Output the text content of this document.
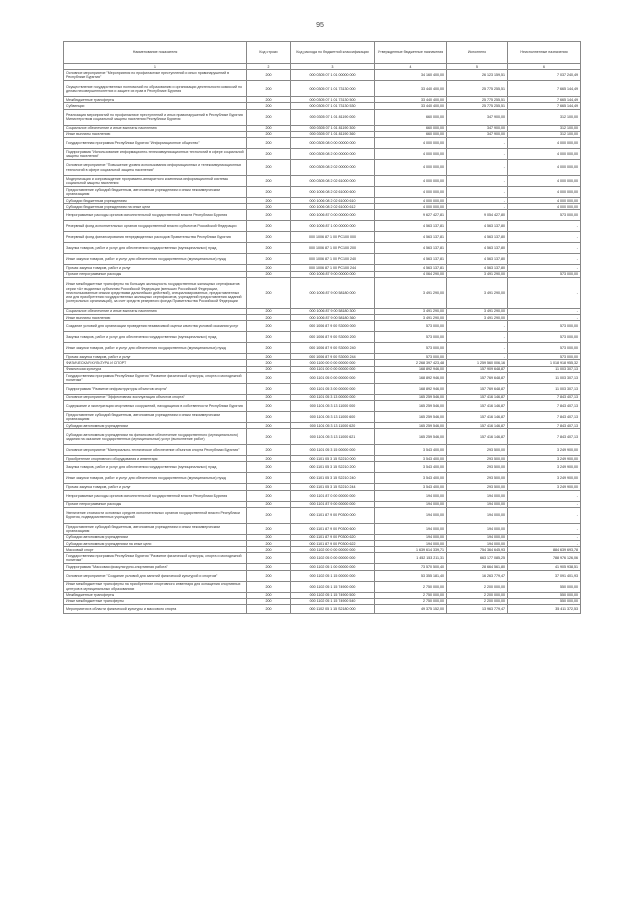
95
Наименование показателя	Код строки	Код расхода по бюджетной классификации	Утвержденные бюджетные назначения	Исполнено	Неисполненные назначения
1	2	3	4	5	6
Основное мероприятие "Мероприятия по профилактике преступлений и иных правонарушений в Республике Бурятия"	200	000 0305 07 1 01 00000 000	34 160 400,00	26 123 159,51	7 037 240,49
Осуществление государственных полномочий по образованию и организации деятельности комиссий по делам несовершеннолетних и защите их прав в Республике Бурятия	200	000 0305 07 1 01 73130 000	33 440 400,00	25 775 255,51	7 665 144,49
Межбюджетные трансферты	200	000 0305 07 1 01 73130 500	33 440 400,00	25 775 255,51	7 665 144,49
Субвенции	200	000 0305 07 1 01 73130 530	33 440 400,00	25 775 255,51	7 665 144,49
Реализация мероприятий по профилактике преступлений и иных правонарушений в Республике Бурятия Министерством социальной защиты населения Республики Бурятия	200	000 0305 07 1 01 81190 000	660 000,00	347 900,00	312 100,00
Социальное обеспечение и иные выплаты населению	200	000 0305 07 1 01 81190 300	660 000,00	347 900,00	312 100,00
Иные выплаты населению	200	000 0305 07 1 01 81190 360	660 000,00	347 900,00	312 100,00
Государственная программа Республики Бурятия "Информационное общество"	200	000 0305 08 0 00 00000 000	4 000 000,00	-	4 000 000,00
Подпрограмма "Использование информационно-телекоммуникационных технологий в сфере социальной защиты населения"	200	000 0305 08 2 00 00000 000	4 000 000,00	-	4 000 000,00
Основное мероприятие "Повышение уровня использования информационных и телекоммуникационных технологий в сфере социальной защиты населения"	200	000 0305 08 2 02 00000 000	4 000 000,00	-	4 000 000,00
Модернизация и сопровождение программно-аппаратного комплекса информационной системы социальной защиты населения	200	000 0305 08 2 02 61000 000	4 000 000,00	-	4 000 000,00
Предоставление субсидий бюджетным, автономным учреждениям и иным некоммерческим организациям	200	000 1006 08 2 02 61000 600	4 000 000,00	-	4 000 000,00
Субсидии бюджетным учреждениям	200	000 1006 08 2 02 61000 610	4 000 000,00	-	4 000 000,00
Субсидии бюджетным учреждениям на иные цели	200	000 1006 08 2 02 61000 612	4 000 000,00	-	4 000 000,00
Непрограммные расходы органов исполнительной государственной власти Республики Бурятия	200	000 1006 87 0 00 00000 000	9 627 427,81	9 054 427,80	573 000,00
Резервный фонд исполнительных органов государственной власти субъектов Российской Федерации	200	000 1006 87 1 00 00000 000	4 563 137,81	4 563 137,80	-
Резервный фонд финансирования непредвиденных расходов Правительства Республики Бурятия	200	000 1006 87 1 00 PC100 000	4 563 137,81	4 563 137,80	-
Закупка товаров, работ и услуг для обеспечения государственных (муниципальных) нужд	200	000 1006 87 1 00 PC100 200	4 563 137,81	4 563 137,80	-
Иные закупки товаров, работ и услуг для обеспечения государственных (муниципальных) нужд	200	000 1006 87 1 00 PC100 240	4 563 137,81	4 563 137,80	-
Прочая закупка товаров, работ и услуг	200	000 1006 87 1 00 PC100 244	4 563 137,81	4 563 137,80	-
Прочие непрограммные расходы	200	000 1006 87 9 00 00000 000	4 064 290,00	3 491 290,00	573 000,00
Иные межбюджетные трансферты на большую жилищность государственных жилищных сертификатов серии «А» выданных субъектам Российской Федерации (меньших Российской Федерации, неиспользованные иными средствами дальнейших действий), специализированных, предоставленных или для приобретения государственных жилищных сертификатов, учреждений предоставления заданий (контрольных организаций), за счет средств резервного фонда Правительства Российской Федерации	200	000 1006 87 9 00 58180 000	3 491 290,00	3 491 290,00	-
Социальное обеспечение и иные выплаты населению	200	000 1006 87 9 00 58180 300	3 491 290,00	3 491 290,00	-
Иные выплаты населению	200	000 1006 87 9 00 58180 360	3 491 290,00	3 491 290,00	-
Создание условий для организации проведения независимой оценки качества условий оказания услуг	200	000 1006 87 9 00 S3000 000	573 000,00	-	573 000,00
Закупка товаров, работ и услуг для обеспечения государственных (муниципальных) нужд	200	000 1006 87 9 00 S3000 200	573 000,00	-	573 000,00
Иные закупки товаров, работ и услуг для обеспечения государственных (муниципальных) нужд	200	000 1006 87 9 00 S3000 240	573 000,00	-	573 000,00
Прочая закупка товаров, работ и услуг	200	000 1006 87 9 00 S3000 244	573 000,00	-	573 000,00
ФИЗИЧЕСКАЯ КУЛЬТУРА И СПОРТ	200	000 1100 00 0 00 00000 000	2 268 397 423,48	1 259 560 006,16	1 018 918 955,32
Физическая культура	200	000 1101 00 0 00 00000 000	168 892 946,00	157 909 648,87	11 003 307,13
Государственная программа Республики Бурятия "Развитие физической культуры, спорта и молодежной политики"	200	000 1101 05 0 00 00000 000	168 892 946,00	157 769 648,87	11 003 307,13
Подпрограмма "Развитие инфраструктуры объектов спорта"	200	000 1101 05 3 00 00000 000	168 892 946,00	157 769 648,87	11 003 307,13
Основное мероприятие "Эффективная эксплуатация объектов спорта"	200	000 1101 05 3 13 00000 000	165 259 546,00	157 416 146,87	7 843 407,13
Содержание и эксплуатация спортивных сооружений, находящихся в собственности Республики Бурятия	200	000 1101 05 3 13 11000 000	165 259 546,00	157 416 146,87	7 843 407,13
Предоставление субсидий бюджетным, автономным учреждениям и иным некоммерческим организациям	200	000 1101 05 3 13 11000 600	165 259 546,00	157 416 146,87	7 843 407,13
Субсидии автономным учреждениям	200	000 1101 05 3 13 11000 620	165 259 546,00	157 416 146,87	7 843 407,13
Субсидии автономным учреждениям на финансовое обеспечение государственного (муниципального) задания на оказание государственных (муниципальных) услуг (выполнение работ)	200	000 1101 05 3 13 11000 621	165 259 546,00	157 416 146,87	7 843 407,13
Основное мероприятие "Материально-техническое обеспечение объектов спорта Республики Бурятия"	200	000 1101 05 3 15 00000 000	3 543 400,00	293 500,00	3 249 900,00
Приобретение спортивного оборудования и инвентаря	200	000 1101 05 3 15 S2210 000	3 543 400,00	293 500,00	3 249 900,00
Закупка товаров, работ и услуг для обеспечения государственных (муниципальных) нужд	200	000 1101 05 3 15 S2210 200	3 543 400,00	293 500,00	3 249 900,00
Иные закупки товаров, работ и услуг для обеспечения государственных (муниципальных) нужд	200	000 1101 05 3 15 S2210 240	3 543 400,00	293 500,00	3 249 900,00
Прочая закупка товаров, работ и услуг	200	000 1101 05 3 15 S2210 244	3 543 400,00	293 500,00	3 249 900,00
Непрограммные расходы органов исполнительной государственной власти Республики Бурятия	200	000 1101 87 0 00 00000 000	194 000,00	194 000,00	-
Прочие непрограммные расходы	200	000 1101 87 9 00 00000 000	194 000,00	194 000,00	-
Увеличение стоимости основных средств исполнительных органов государственной власти Республики Бурятия, подведомственных учреждений	200	000 1101 87 9 00 P0300 000	194 000,00	194 000,00	-
Предоставление субсидий бюджетным, автономным учреждениям и иным некоммерческим организациям	200	000 1101 87 9 00 P0300 600	194 000,00	194 000,00	-
Субсидии автономным учреждениям	200	000 1101 87 9 00 P0300 620	194 000,00	194 000,00	-
Субсидии автономным учреждениям на иные цели	200	000 1101 87 9 00 P0300 622	194 000,00	194 000,00	-
Массовый спорт	200	000 1102 00 0 00 00000 000	1 639 614 339,71	754 364 645,93	884 639 693,78
Государственная программа Республики Бурятия "Развитие физической культуры, спорта и молодежной политики"	200	000 1102 05 0 00 00000 000	1 452 153 211,31	663 177 085,25	788 976 126,06
Подпрограмма "Массовая физкультурно-спортивная работа"	200	000 1102 05 1 00 00000 000	73 570 500,40	28 664 561,80	41 905 938,51
Основное мероприятие "Создание условий для занятий физической культурой и спортом"	200	000 1102 05 1 15 00000 000	53 355 181,40	16 263 779,47	37 091 401,93
Иные межбюджетные трансферты на приобретение спортивного инвентаря для оснащения спортивных центров в муниципальных образованиях	200	000 1102 05 1 15 74900 000	2 750 000,00	2 200 000,00	550 000,00
Межбюджетные трансферты	200	000 1102 05 1 15 74900 500	2 750 000,00	2 200 000,00	550 000,00
Иные межбюджетные трансферты	200	000 1102 05 1 15 74900 540	2 750 000,00	2 200 000,00	550 000,00
Мероприятия в области физической культуры и массового спорта	200	000 1102 05 1 15 S2180 000	49 375 152,00	13 963 779,47	35 411 372,53
